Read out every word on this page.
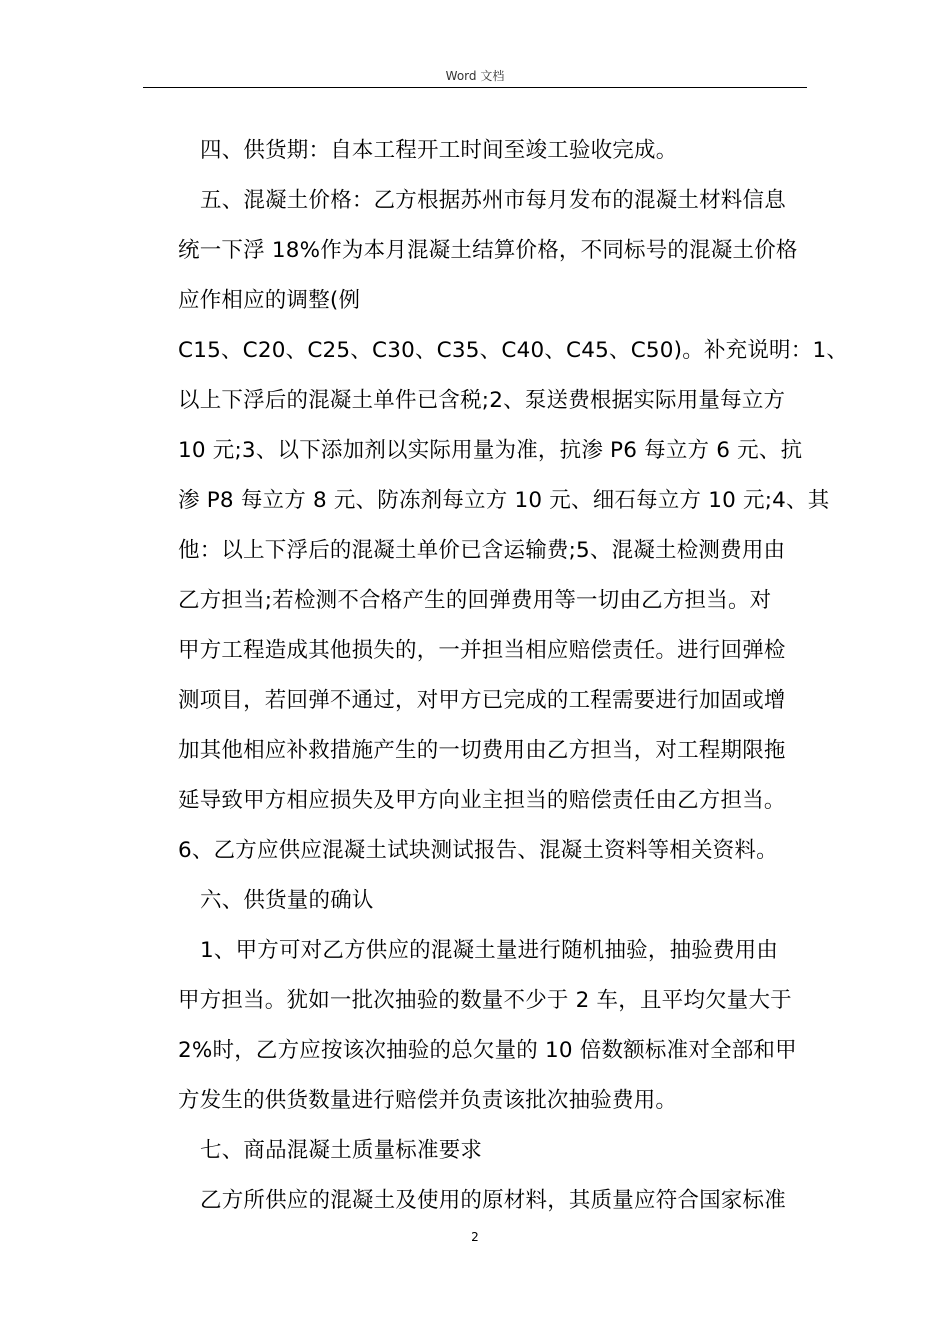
Word 文档
四、供货期：自本工程开工时间至竣工验收完成。
五、混凝土价格：乙方根据苏州市每月发布的混凝土材料信息
统一下浮 18%作为本月混凝土结算价格，不同标号的混凝土价格
应作相应的调整(例
C15、C20、C25、C30、C35、C40、C45、C50)。补充说明：1、
以上下浮后的混凝土单件已含税;2、泵送费根据实际用量每立方
10 元;3、以下添加剂以实际用量为准，抗渗 P6 每立方 6 元、抗
渗 P8 每立方 8 元、防冻剂每立方 10 元、细石每立方 10 元;4、其
他：以上下浮后的混凝土单价已含运输费;5、混凝土检测费用由
乙方担当;若检测不合格产生的回弹费用等一切由乙方担当。对
甲方工程造成其他损失的，一并担当相应赔偿责任。进行回弹检
测项目，若回弹不通过，对甲方已完成的工程需要进行加固或增
加其他相应补救措施产生的一切费用由乙方担当，对工程期限拖
延导致甲方相应损失及甲方向业主担当的赔偿责任由乙方担当。
6、乙方应供应混凝土试块测试报告、混凝土资料等相关资料。
六、供货量的确认
1、甲方可对乙方供应的混凝土量进行随机抽验，抽验费用由
甲方担当。犹如一批次抽验的数量不少于 2 车，且平均欠量大于
2%时，乙方应按该次抽验的总欠量的 10 倍数额标准对全部和甲
方发生的供货数量进行赔偿并负责该批次抽验费用。
七、商品混凝土质量标准要求
乙方所供应的混凝土及使用的原材料，其质量应符合国家标准
2
